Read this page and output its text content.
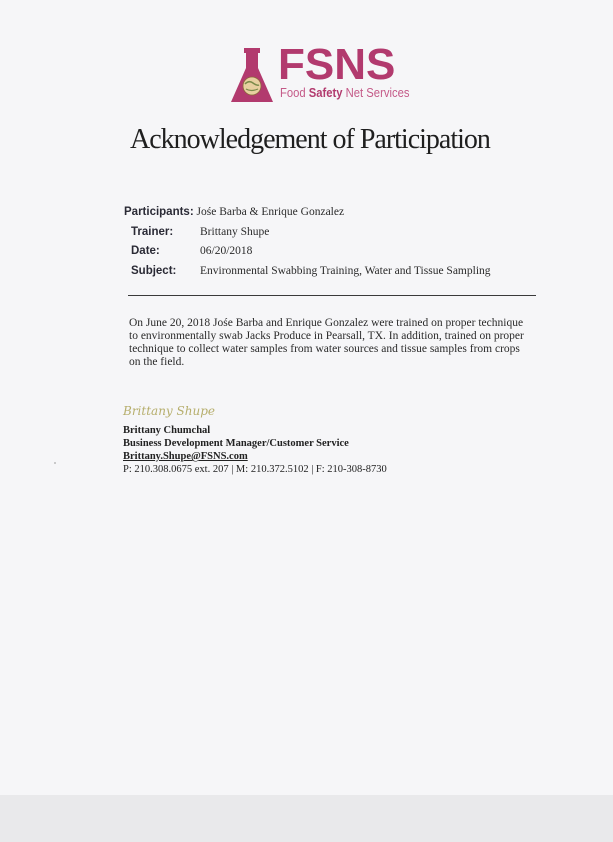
FSNS
Food Safety Net Services
Acknowledgement of Participation
Participants: Jośe Barba & Enrique Gonzalez
Trainer: Brittany Shupe
Date:	06/20/2018
Subject: Environmental Swabbing Training, Water and Tissue Sampling
On June 20, 2018 Jośe Barba and Enrique Gonzalez were trained on proper technique to environmentally swab Jacks Produce in Pearsall, TX. In addition, trained on proper technique to collect water samples from water sources and tissue samples from crops on the field.
Brittany Shupe
Brittany Chumchal
Business Development Manager/Customer Service
Brittany.Shupe@FSNS.com
P: 210.308.0675 ext. 207 | M: 210.372.5102 | F: 210-308-8730
